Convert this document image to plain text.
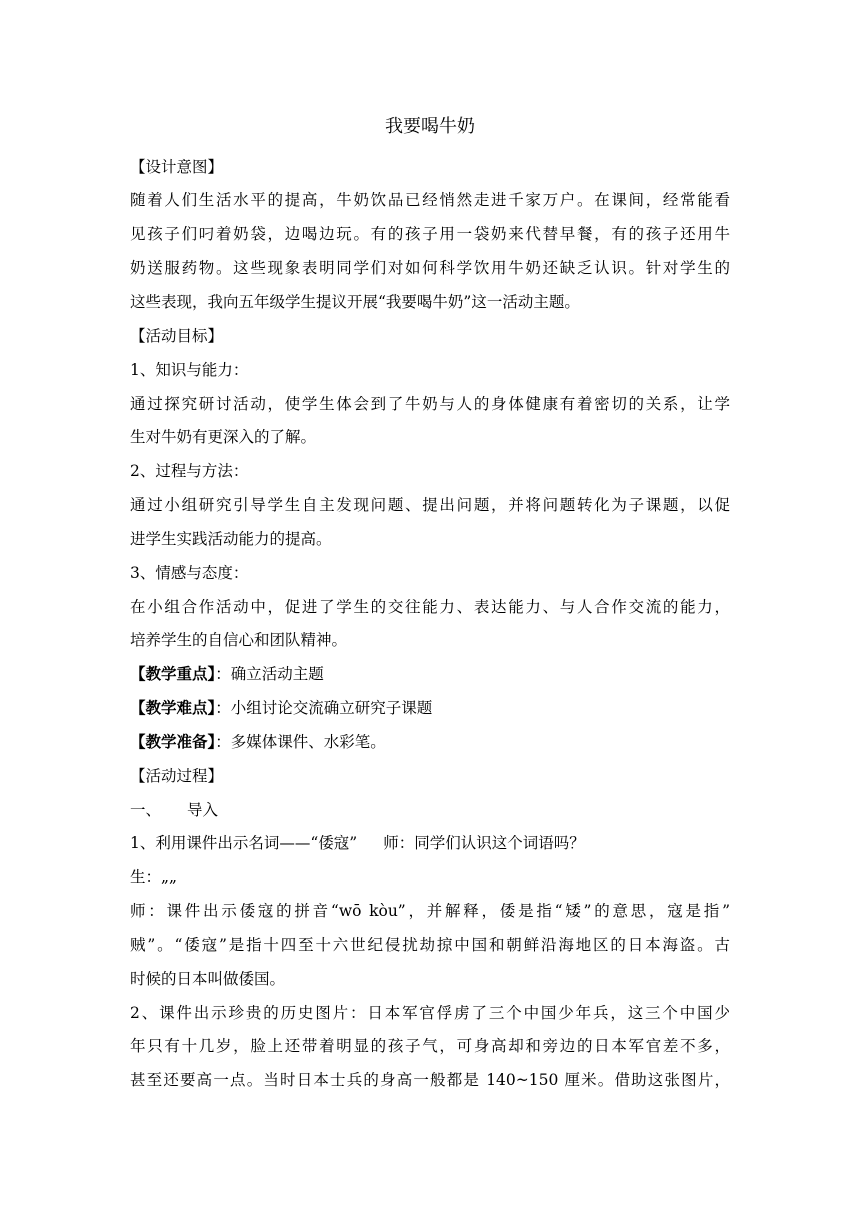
我要喝牛奶
【设计意图】
随着人们生活水平的提高，牛奶饮品已经悄然走进千家万户。在课间，经常能看
见孩子们叼着奶袋，边喝边玩。有的孩子用一袋奶来代替早餐，有的孩子还用牛
奶送服药物。这些现象表明同学们对如何科学饮用牛奶还缺乏认识。针对学生的
这些表现，我向五年级学生提议开展“我要喝牛奶”这一活动主题。
【活动目标】
1、知识与能力：
通过探究研讨活动，使学生体会到了牛奶与人的身体健康有着密切的关系，让学
生对牛奶有更深入的了解。
2、过程与方法：
通过小组研究引导学生自主发现问题、提出问题，并将问题转化为子课题，以促
进学生实践活动能力的提高。
3、情感与态度：
在小组合作活动中，促进了学生的交往能力、表达能力、与人合作交流的能力，
培养学生的自信心和团队精神。
【教学重点】：确立活动主题
【教学难点】：小组讨论交流确立研究子课题
【教学准备】：多媒体课件、水彩笔。
【活动过程】
一、 导入
1、利用课件出示名词——“倭寇” 师：同学们认识这个词语吗？
生：„„
师：课件出示倭寇的拼音“wō kòu”，并解释，倭是指“矮”的意思，寇是指”
贼”。“倭寇”是指十四至十六世纪侵扰劫掠中国和朝鲜沿海地区的日本海盗。古
时候的日本叫做倭国。
2、课件出示珍贵的历史图片：日本军官俘虏了三个中国少年兵，这三个中国少
年只有十几岁，脸上还带着明显的孩子气，可身高却和旁边的日本军官差不多，
甚至还要高一点。当时日本士兵的身高一般都是 140~150 厘米。借助这张图片，
